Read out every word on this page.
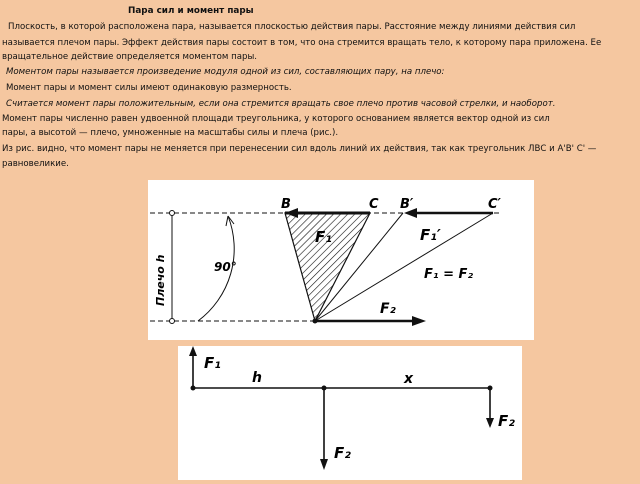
Пара сил и момент пары
Плоскость, в которой расположена пара, называется плоскостью действия пары. Расстояние между линиями действия сил
называется плечом пары. Эффект действия пары состоит в том, что она стремится вращать тело, к которому пара приложена. Ее
вращательное действие определяется моментом пары.
Моментом пары называется произведение модуля одной из сил, составляющих пару, на плечо:
Момент пары и момент силы имеют одинаковую размерность.
Считается момент пары положительным, если она стремится вращать свое плечо против часовой стрелки, и наоборот.
Момент пары численно равен удвоенной площади треугольника, у которого основанием является вектор одной из сил
пары, а высотой — плечо, умноженные на масштабы силы и плеча (рис.).
Из рис. видно, что момент пары не меняется при перенесении сил вдоль линий их действия, так как треугольник ЛВС и А'В' С' —
равновеликие.
B	C B′	C′
F₁	F₁′
F₁ = F₂
F₂
90°
Плечо h
F₁
F₂
F₂
h	x
